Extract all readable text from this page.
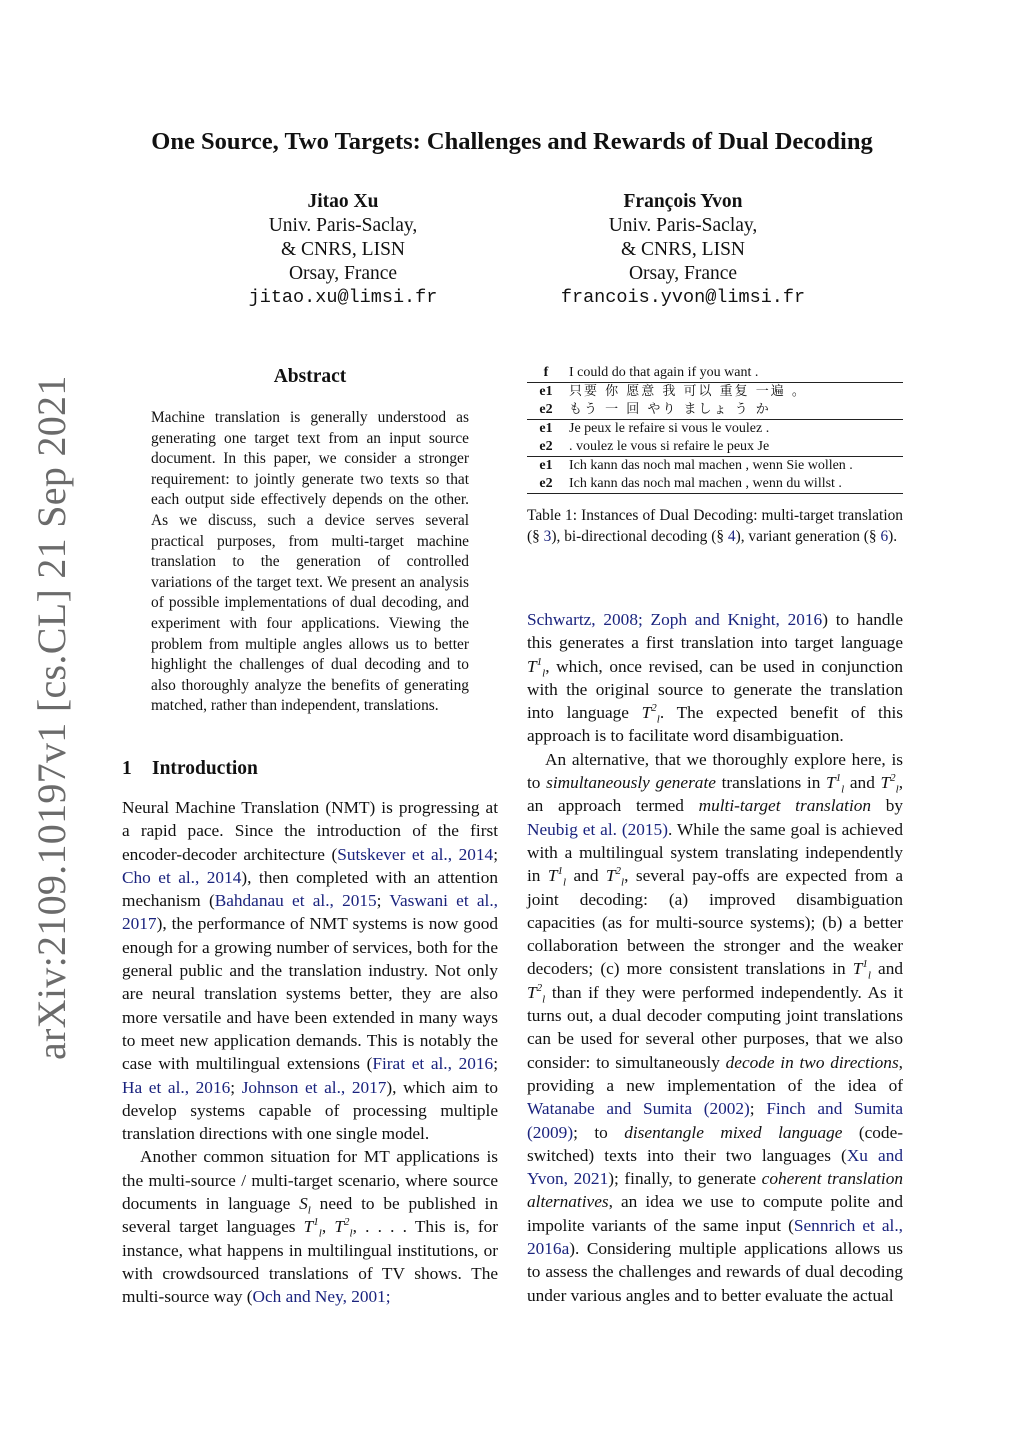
arXiv:2109.10197v1 [cs.CL] 21 Sep 2021
One Source, Two Targets: Challenges and Rewards of Dual Decoding
Jitao Xu
Univ. Paris-Saclay,
& CNRS, LISN
Orsay, France
jitao.xu@limsi.fr
François Yvon
Univ. Paris-Saclay,
& CNRS, LISN
Orsay, France
francois.yvon@limsi.fr
Abstract
Machine translation is generally understood as generating one target text from an input source document. In this paper, we consider a stronger requirement: to jointly generate two texts so that each output side effectively depends on the other. As we discuss, such a device serves several practical purposes, from multi-target machine translation to the generation of controlled variations of the target text. We present an analysis of possible implementations of dual decoding, and experiment with four applications. Viewing the problem from multiple angles allows us to better highlight the challenges of dual decoding and to also thoroughly analyze the benefits of generating matched, rather than independent, translations.
1 Introduction

Neural Machine Translation (NMT) is progressing at a rapid pace. Since the introduction of the first encoder-decoder architecture (Sutskever et al., 2014; Cho et al., 2014), then completed with an attention mechanism (Bahdanau et al., 2015; Vaswani et al., 2017), the performance of NMT systems is now good enough for a growing number of services, both for the general public and the translation industry. Not only are neural translation systems better, they are also more versatile and have been extended in many ways to meet new application demands. This is notably the case with multilingual extensions (Firat et al., 2016; Ha et al., 2016; Johnson et al., 2017), which aim to develop systems capable of processing multiple translation directions with one single model.

Another common situation for MT applications is the multi-source / multi-target scenario, where source documents in language $S_l$ need to be published in several target languages $T^1_l$, $T^2_l$, . . . . This is, for instance, what happens in multilingual institutions, or with crowdsourced translations of TV shows. The multi-source way (Och and Ney, 2001;

f	I could do that again if you want .
e1	只要 你 愿意 我 可以 重复 一遍 。
e2	もう 一 回 やり ましょ う か
e1	Je peux le refaire si vous le voulez .
e2	. voulez le vous si refaire le peux Je
e1	Ich kann das noch mal machen , wenn Sie wollen .
e2	Ich kann das noch mal machen , wenn du willst .
Table 1: Instances of Dual Decoding: multi-target translation (§ 3), bi-directional decoding (§ 4), variant generation (§ 6).

Schwartz, 2008; Zoph and Knight, 2016) to handle this generates a first translation into target language $T^1_l$, which, once revised, can be used in conjunction with the original source to generate the translation into language $T^2_l$. The expected benefit of this approach is to facilitate word disambiguation.

An alternative, that we thoroughly explore here, is to simultaneously generate translations in $T^1_l$ and $T^2_l$, an approach termed multi-target translation by Neubig et al. (2015). While the same goal is achieved with a multilingual system translating independently in $T^1_l$ and $T^2_l$, several pay-offs are expected from a joint decoding: (a) improved disambiguation capacities (as for multi-source systems); (b) a better collaboration between the stronger and the weaker decoders; (c) more consistent translations in $T^1_l$ and $T^2_l$ than if they were performed independently. As it turns out, a dual decoder computing joint translations can be used for several other purposes, that we also consider: to simultaneously decode in two directions, providing a new implementation of the idea of Watanabe and Sumita (2002); Finch and Sumita (2009); to disentangle mixed language (code-switched) texts into their two languages (Xu and Yvon, 2021); finally, to generate coherent translation alternatives, an idea we use to compute polite and impolite variants of the same input (Sennrich et al., 2016a). Considering multiple applications allows us to assess the challenges and rewards of dual decoding under various angles and to better evaluate the actual
